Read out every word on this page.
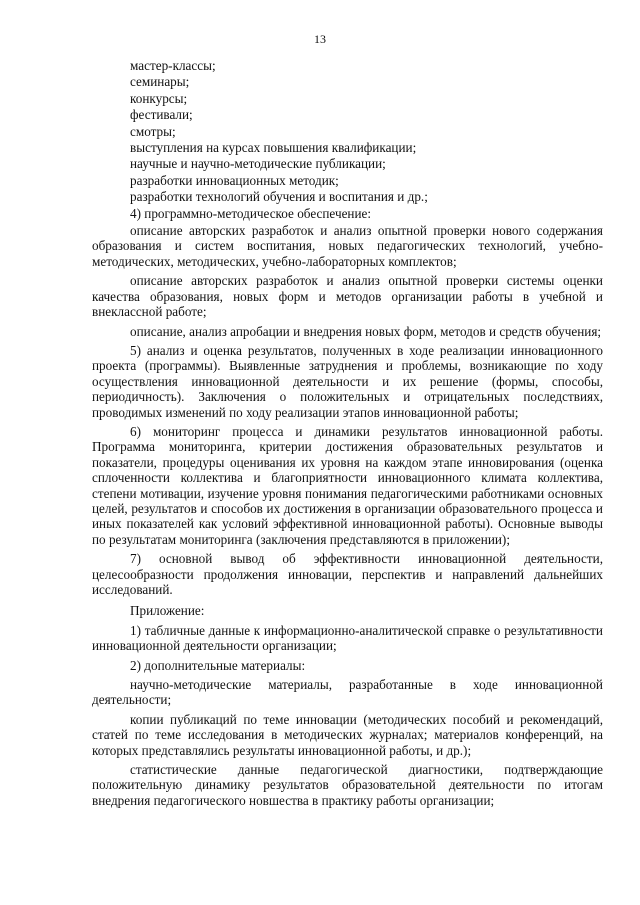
13
мастер-классы;
семинары;
конкурсы;
фестивали;
смотры;
выступления на курсах повышения квалификации;
научные и научно-методические публикации;
разработки инновационных методик;
разработки технологий обучения и воспитания и др.;
4) программно-методическое обеспечение:
описание авторских разработок и анализ опытной проверки нового содержания образования и систем воспитания, новых педагогических технологий, учебно-методических, методических, учебно-лабораторных комплектов;
описание авторских разработок и анализ опытной проверки системы оценки качества образования, новых форм и методов организации работы в учебной и внеклассной работе;
описание, анализ апробации и внедрения новых форм, методов и средств обучения;
5) анализ и оценка результатов, полученных в ходе реализации инновационного проекта (программы). Выявленные затруднения и проблемы, возникающие по ходу осуществления инновационной деятельности и их решение (формы, способы, периодичность). Заключения о положительных и отрицательных последствиях, проводимых изменений по ходу реализации этапов инновационной работы;
6) мониторинг процесса и динамики результатов инновационной работы. Программа мониторинга, критерии достижения образовательных результатов и показатели, процедуры оценивания их уровня на каждом этапе инновирования (оценка сплоченности коллектива и благоприятности инновационного климата коллектива, степени мотивации, изучение уровня понимания педагогическими работниками основных целей, результатов и способов их достижения в организации образовательного процесса и иных показателей как условий эффективной инновационной работы). Основные выводы по результатам мониторинга (заключения представляются в приложении);
7) основной вывод об эффективности инновационной деятельности, целесообразности продолжения инновации, перспектив и направлений дальнейших исследований.
Приложение:
1) табличные данные к информационно-аналитической справке о результативности инновационной деятельности организации;
2) дополнительные материалы:
научно-методические материалы, разработанные в ходе инновационной деятельности;
копии публикаций по теме инновации (методических пособий и рекомендаций, статей по теме исследования в методических журналах; материалов конференций, на которых представлялись результаты инновационной работы, и др.);
статистические данные педагогической диагностики, подтверждающие положительную динамику результатов образовательной деятельности по итогам внедрения педагогического новшества в практику работы организации;
